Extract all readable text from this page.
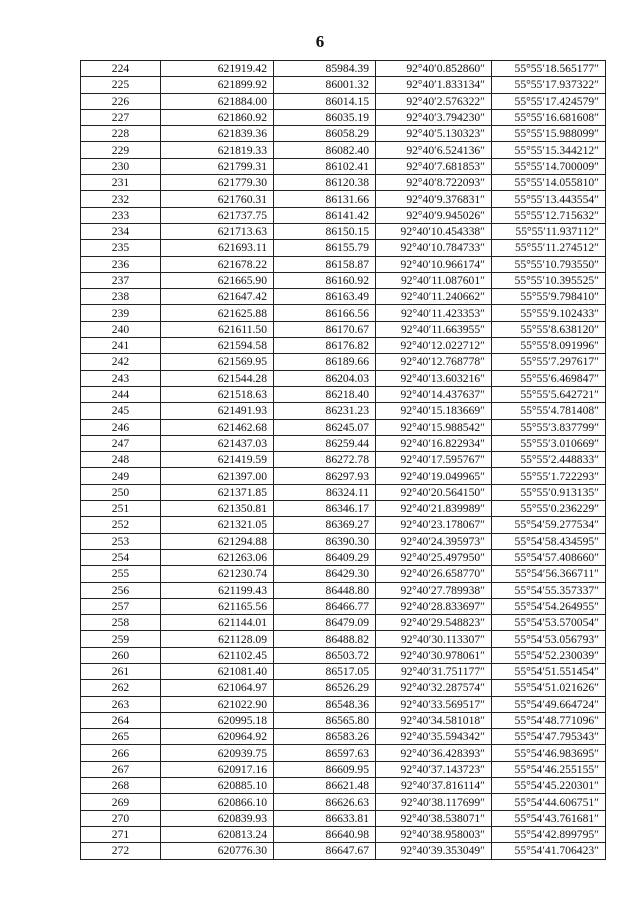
6
224	621919.42	85984.39	92°40′0.852860″	55°55′18.565177″
225	621899.92	86001.32	92°40′1.833134″	55°55′17.937322″
226	621884.00	86014.15	92°40′2.576322″	55°55′17.424579″
227	621860.92	86035.19	92°40′3.794230″	55°55′16.681608″
228	621839.36	86058.29	92°40′5.130323″	55°55′15.988099″
229	621819.33	86082.40	92°40′6.524136″	55°55′15.344212″
230	621799.31	86102.41	92°40′7.681853″	55°55′14.700009″
231	621779.30	86120.38	92°40′8.722093″	55°55′14.055810″
232	621760.31	86131.66	92°40′9.376831″	55°55′13.443554″
233	621737.75	86141.42	92°40′9.945026″	55°55′12.715632″
234	621713.63	86150.15	92°40′10.454338″	55°55′11.937112″
235	621693.11	86155.79	92°40′10.784733″	55°55′11.274512″
236	621678.22	86158.87	92°40′10.966174″	55°55′10.793550″
237	621665.90	86160.92	92°40′11.087601″	55°55′10.395525″
238	621647.42	86163.49	92°40′11.240662″	55°55′9.798410″
239	621625.88	86166.56	92°40′11.423353″	55°55′9.102433″
240	621611.50	86170.67	92°40′11.663955″	55°55′8.638120″
241	621594.58	86176.82	92°40′12.022712″	55°55′8.091996″
242	621569.95	86189.66	92°40′12.768778″	55°55′7.297617″
243	621544.28	86204.03	92°40′13.603216″	55°55′6.469847″
244	621518.63	86218.40	92°40′14.437637″	55°55′5.642721″
245	621491.93	86231.23	92°40′15.183669″	55°55′4.781408″
246	621462.68	86245.07	92°40′15.988542″	55°55′3.837799″
247	621437.03	86259.44	92°40′16.822934″	55°55′3.010669″
248	621419.59	86272.78	92°40′17.595767″	55°55′2.448833″
249	621397.00	86297.93	92°40′19.049965″	55°55′1.722293″
250	621371.85	86324.11	92°40′20.564150″	55°55′0.913135″
251	621350.81	86346.17	92°40′21.839989″	55°55′0.236229″
252	621321.05	86369.27	92°40′23.178067″	55°54′59.277534″
253	621294.88	86390.30	92°40′24.395973″	55°54′58.434595″
254	621263.06	86409.29	92°40′25.497950″	55°54′57.408660″
255	621230.74	86429.30	92°40′26.658770″	55°54′56.366711″
256	621199.43	86448.80	92°40′27.789938″	55°54′55.357337″
257	621165.56	86466.77	92°40′28.833697″	55°54′54.264955″
258	621144.01	86479.09	92°40′29.548823″	55°54′53.570054″
259	621128.09	86488.82	92°40′30.113307″	55°54′53.056793″
260	621102.45	86503.72	92°40′30.978061″	55°54′52.230039″
261	621081.40	86517.05	92°40′31.751177″	55°54′51.551454″
262	621064.97	86526.29	92°40′32.287574″	55°54′51.021626″
263	621022.90	86548.36	92°40′33.569517″	55°54′49.664724″
264	620995.18	86565.80	92°40′34.581018″	55°54′48.771096″
265	620964.92	86583.26	92°40′35.594342″	55°54′47.795343″
266	620939.75	86597.63	92°40′36.428393″	55°54′46.983695″
267	620917.16	86609.95	92°40′37.143723″	55°54′46.255155″
268	620885.10	86621.48	92°40′37.816114″	55°54′45.220301″
269	620866.10	86626.63	92°40′38.117699″	55°54′44.606751″
270	620839.93	86633.81	92°40′38.538071″	55°54′43.761681″
271	620813.24	86640.98	92°40′38.958003″	55°54′42.899795″
272	620776.30	86647.67	92°40′39.353049″	55°54′41.706423″
